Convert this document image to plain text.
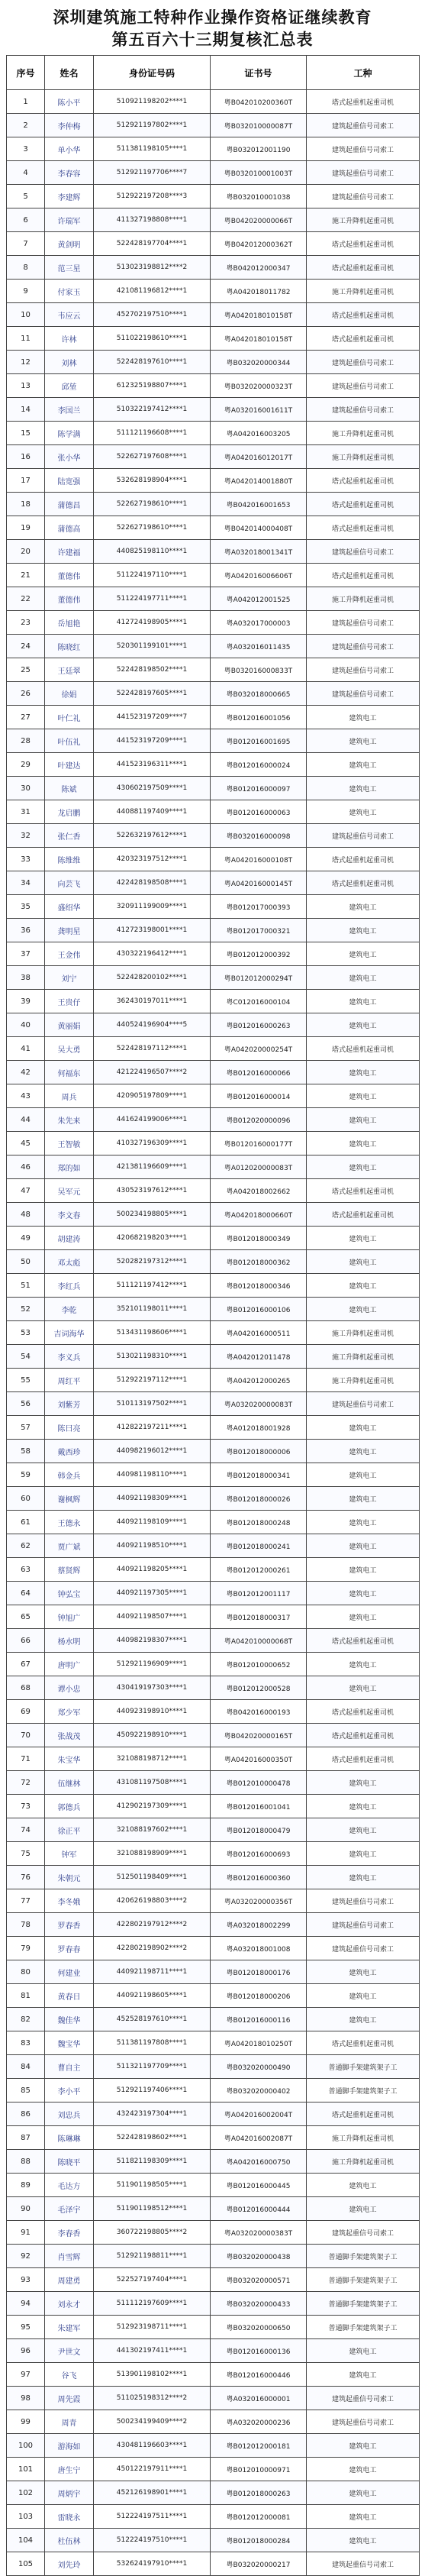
深圳建筑施工特种作业操作资格证继续教育
第五百六十三期复核汇总表
序号	姓名	身份证号码	证书号	工种
1	陈小平	510921198202****1	粤B042010200360T	塔式起重机起重司机
2	李仲梅	512921197802****1	粤B032010000087T	建筑起重信号司索工
3	单小华	511381198105****1	粤B032012001190	建筑起重信号司索工
4	李春容	512921197706****7	粤B032010001003T	建筑起重信号司索工
5	李建辉	512922197208****3	粤B032010001038	建筑起重信号司索工
6	许瑞军	411327198808****1	粤B042020000066T	施工升降机起重司机
7	黄剑明	522428197704****1	粤B042012000362T	塔式起重机起重司机
8	范三星	513023198812****2	粤B042012000347	塔式起重机起重司机
9	付家玉	421081196812****1	粤A042018011782	施工升降机起重司机
10	韦应云	452702197510****1	粤A042018010158T	塔式起重机起重司机
11	许林	511022198610****1	粤A042018010158T	塔式起重机起重司机
12	刘林	522428197610****1	粤B032020000344	建筑起重信号司索工
13	邱堃	612325198807****1	粤B032020000323T	建筑起重信号司索工
14	李国兰	510322197412****1	粤A032016001611T	建筑起重信号司索工
15	陈学满	511121196608****1	粤A042016003205	施工升降机起重司机
16	张小华	522627197608****1	粤A042016012017T	施工升降机起重司机
17	陆宽强	532628198904****1	粤A042014001880T	塔式起重机起重司机
18	蒲德昌	522627198610****1	粤B042016001653	塔式起重机起重司机
19	蒲德高	522627198610****1	粤B042014000408T	塔式起重机起重司机
20	许建福	440825198110****1	粤A032018001341T	建筑起重信号司索工
21	董德伟	511224197110****1	粤A042016006606T	塔式起重机起重司机
22	董德伟	511224197711****1	粤A042012001525	施工升降机起重司机
23	岳旭艳	412724198905****1	粤A032017000003	建筑起重信号司索工
24	陈晓红	520301199101****1	粤A032016011435	建筑起重信号司索工
25	王廷翠	522428198502****1	粤B032016000833T	建筑起重信号司索工
26	徐娟	522428197605****1	粤B032018000665	建筑起重信号司索工
27	叶仁礼	441523197209****7	粤B012016001056	建筑电工
28	叶伍礼	441523197209****1	粤B012016001695	建筑电工
29	叶建达	441523196311****1	粤B012016000024	建筑电工
30	陈斌	430602197509****1	粤B012016000097	建筑电工
31	龙启鹏	440881197409****1	粤B012016000063	建筑电工
32	张仁香	522632197612****1	粤B032016000098	建筑起重信号司索工
33	陈维维	420323197512****1	粤A042016000108T	塔式起重机起重司机
34	向芸飞	422428198508****1	粤A042016000145T	塔式起重机起重司机
35	盛绍华	320911199009****1	粤B012017000393	建筑电工
36	龚明星	412723198001****1	粤B012017000321	建筑电工
37	王金伟	430322196412****1	粤B012012000392	建筑电工
38	刘宁	522428200102****1	粤B012012000294T	建筑电工
39	王贵仔	362430197011****1	粤C012016000104	建筑电工
40	黄丽娟	440524196904****5	粤B012016000263	建筑电工
41	吴大勇	522428197112****1	粤A042020000254T	塔式起重机起重司机
42	何福东	421224196507****2	粤B012016000066	建筑电工
43	周兵	420905197809****1	粤B012016000014	建筑电工
44	朱先来	441624199006****1	粤B012020000096	建筑电工
45	王智敏	410327196309****1	粤B012016000177T	建筑电工
46	郑的如	421381196609****1	粤A012020000083T	建筑电工
47	吴军元	430523197612****1	粤A042018002662	塔式起重机起重司机
48	李文春	500234198805****1	粤A042018000660T	塔式起重机起重司机
49	胡建涛	420682198203****1	粤B012018000349	建筑电工
50	邓太彪	520282197312****1	粤B012018000362	建筑电工
51	李红兵	511121197412****1	粤B012018000346	建筑电工
52	李乾	352101198011****1	粤B012016000106	建筑电工
53	吉词海华	513431198606****1	粤A042016000511	施工升降机起重司机
54	李义兵	513021198310****1	粤A042012011478	施工升降机起重司机
55	周红平	512922197112****1	粤A042012000265	施工升降机起重司机
56	刘紫芳	510113197502****1	粤A032020000083T	建筑起重信号司索工
57	陈曰亮	412822197211****1	粤A012018001928	建筑电工
58	戴西珍	440982196012****1	粤B012018000006	建筑电工
59	韩金兵	440981198110****1	粤B012018000341	建筑电工
60	谢枫辉	440921198309****1	粤B012018000026	建筑电工
61	王德永	440921198109****1	粤B012018000248	建筑电工
62	贾广斌	440921198510****1	粤B012018000241	建筑电工
63	蔡贤辉	440921198205****1	粤B012012000261	建筑电工
64	钟弘宝	440921197305****1	粤B012012001117	建筑电工
65	钟旭广	440921198507****1	粤B012018000317	建筑电工
66	杨水明	440982198307****1	粤A042010000068T	塔式起重机起重司机
67	唐明广	512921196909****1	粤B012010000652	建筑电工
68	谭小忠	430419197303****1	粤B012012000528	建筑电工
69	郑少军	440923198910****1	粤B042016000193	塔式起重机起重司机
70	张战茂	450922198910****1	粤B042020000165T	塔式起重机起重司机
71	朱宝华	321088198712****1	粤A042016000350T	塔式起重机起重司机
72	伍继林	431081197508****1	粤B012010000478	建筑电工
73	郭德兵	412902197309****1	粤B012016001041	建筑电工
74	徐正平	321088197602****1	粤B012018000479	建筑电工
75	钟军	321088198909****1	粤B012016000693	建筑电工
76	朱朝元	512501198409****1	粤B012016000360	建筑电工
77	李冬娥	420626198803****2	粤A032020000356T	建筑起重信号司索工
78	罗春香	422802197912****2	粤A032018002299	建筑起重信号司索工
79	罗春春	422802198902****2	粤A032018001008	建筑起重信号司索工
80	何建业	440921198711****1	粤B012018000176	建筑电工
81	黄春日	440921198605****1	粤B012018000206	建筑电工
82	魏佳华	452528197610****1	粤B012016000116	建筑电工
83	魏宝华	511381197808****1	粤A042018010250T	塔式起重机起重司机
84	曹自主	511321197709****1	粤B032020000490	普通脚手架建筑架子工
85	李小平	512921197406****1	粤B032020000402	普通脚手架建筑架子工
86	刘忠兵	432423197304****1	粤A042016002004T	塔式起重机起重司机
87	陈琳琳	522428198602****1	粤A042016002087T	施工升降机起重司机
88	陈晓平	511821198309****1	粤A042016000750	施工升降机起重司机
89	毛达方	511901198505****1	粤B012016000445	建筑电工
90	毛泽宇	511901198512****1	粤B012016000444	建筑电工
91	李春香	360722198805****2	粤A032020000383T	建筑起重信号司索工
92	肖雪辉	512921198811****1	粤B032020000438	普通脚手架建筑架子工
93	周建勇	522527197404****1	粤B032020000571	普通脚手架建筑架子工
94	刘永才	511112197609****1	粤B032020000433	普通脚手架建筑架子工
95	朱建军	512923198711****1	粤B032020000650	普通脚手架建筑架子工
96	尹世文	441302197411****1	粤B012016000136	建筑电工
97	谷飞	513901198102****1	粤B012016000446	建筑电工
98	周先霞	511025198312****2	粤A032016000001	建筑起重信号司索工
99	周青	500234199409****2	粤A032020000236	建筑起重信号司索工
100	游海如	430481196603****1	粤B012012000181	建筑电工
101	唐生宁	450122197911****1	粤B012010000971	建筑电工
102	周炳宇	452126198901****1	粤B012018000263	建筑电工
103	雷晓永	512224197511****1	粤B012012000081	建筑电工
104	杜伍林	512224197510****1	粤B012018000284	建筑电工
105	刘先玲	532624197910****1	粤B032020000217	建筑起重信号司索工
